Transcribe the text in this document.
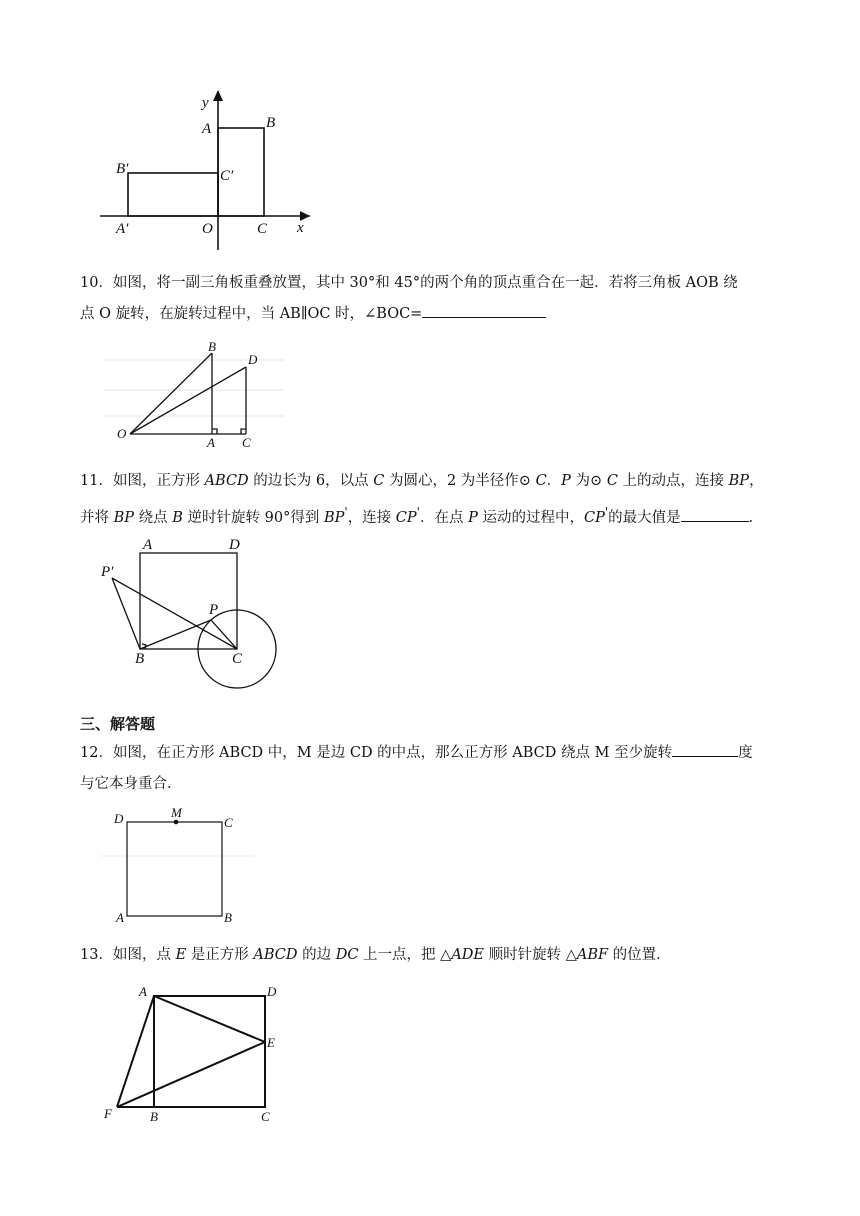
y
x
A	B
C
O
B′	C′
A′
10．如图，将一副三角板重叠放置，其中 30°和 45°的两个角的顶点重合在一起．若将三角板 AOB 绕
点 O 旋转，在旋转过程中，当 AB∥OC 时，∠BOC=
O
B
D
A C
11．如图，正方形 ABCD 的边长为 6，以点 C 为圆心，2 为半径作⊙ C．P 为⊙ C 上的动点，连接 BP，
并将 BP 绕点 B 逆时针旋转 90°得到 BP'，连接 CP'．在点 P 运动的过程中，CP'的最大值是	．
A	D
B	C
P
P′
三、解答题
12．如图，在正方形 ABCD 中，M 是边 CD 的中点，那么正方形 ABCD 绕点 M 至少旋转	度
与它本身重合．
D	M
C
A	B
13．如图，点 E 是正方形 ABCD 的边 DC 上一点，把 △ADE 顺时针旋转 △ABF 的位置．
A	D
E
F	B	C
